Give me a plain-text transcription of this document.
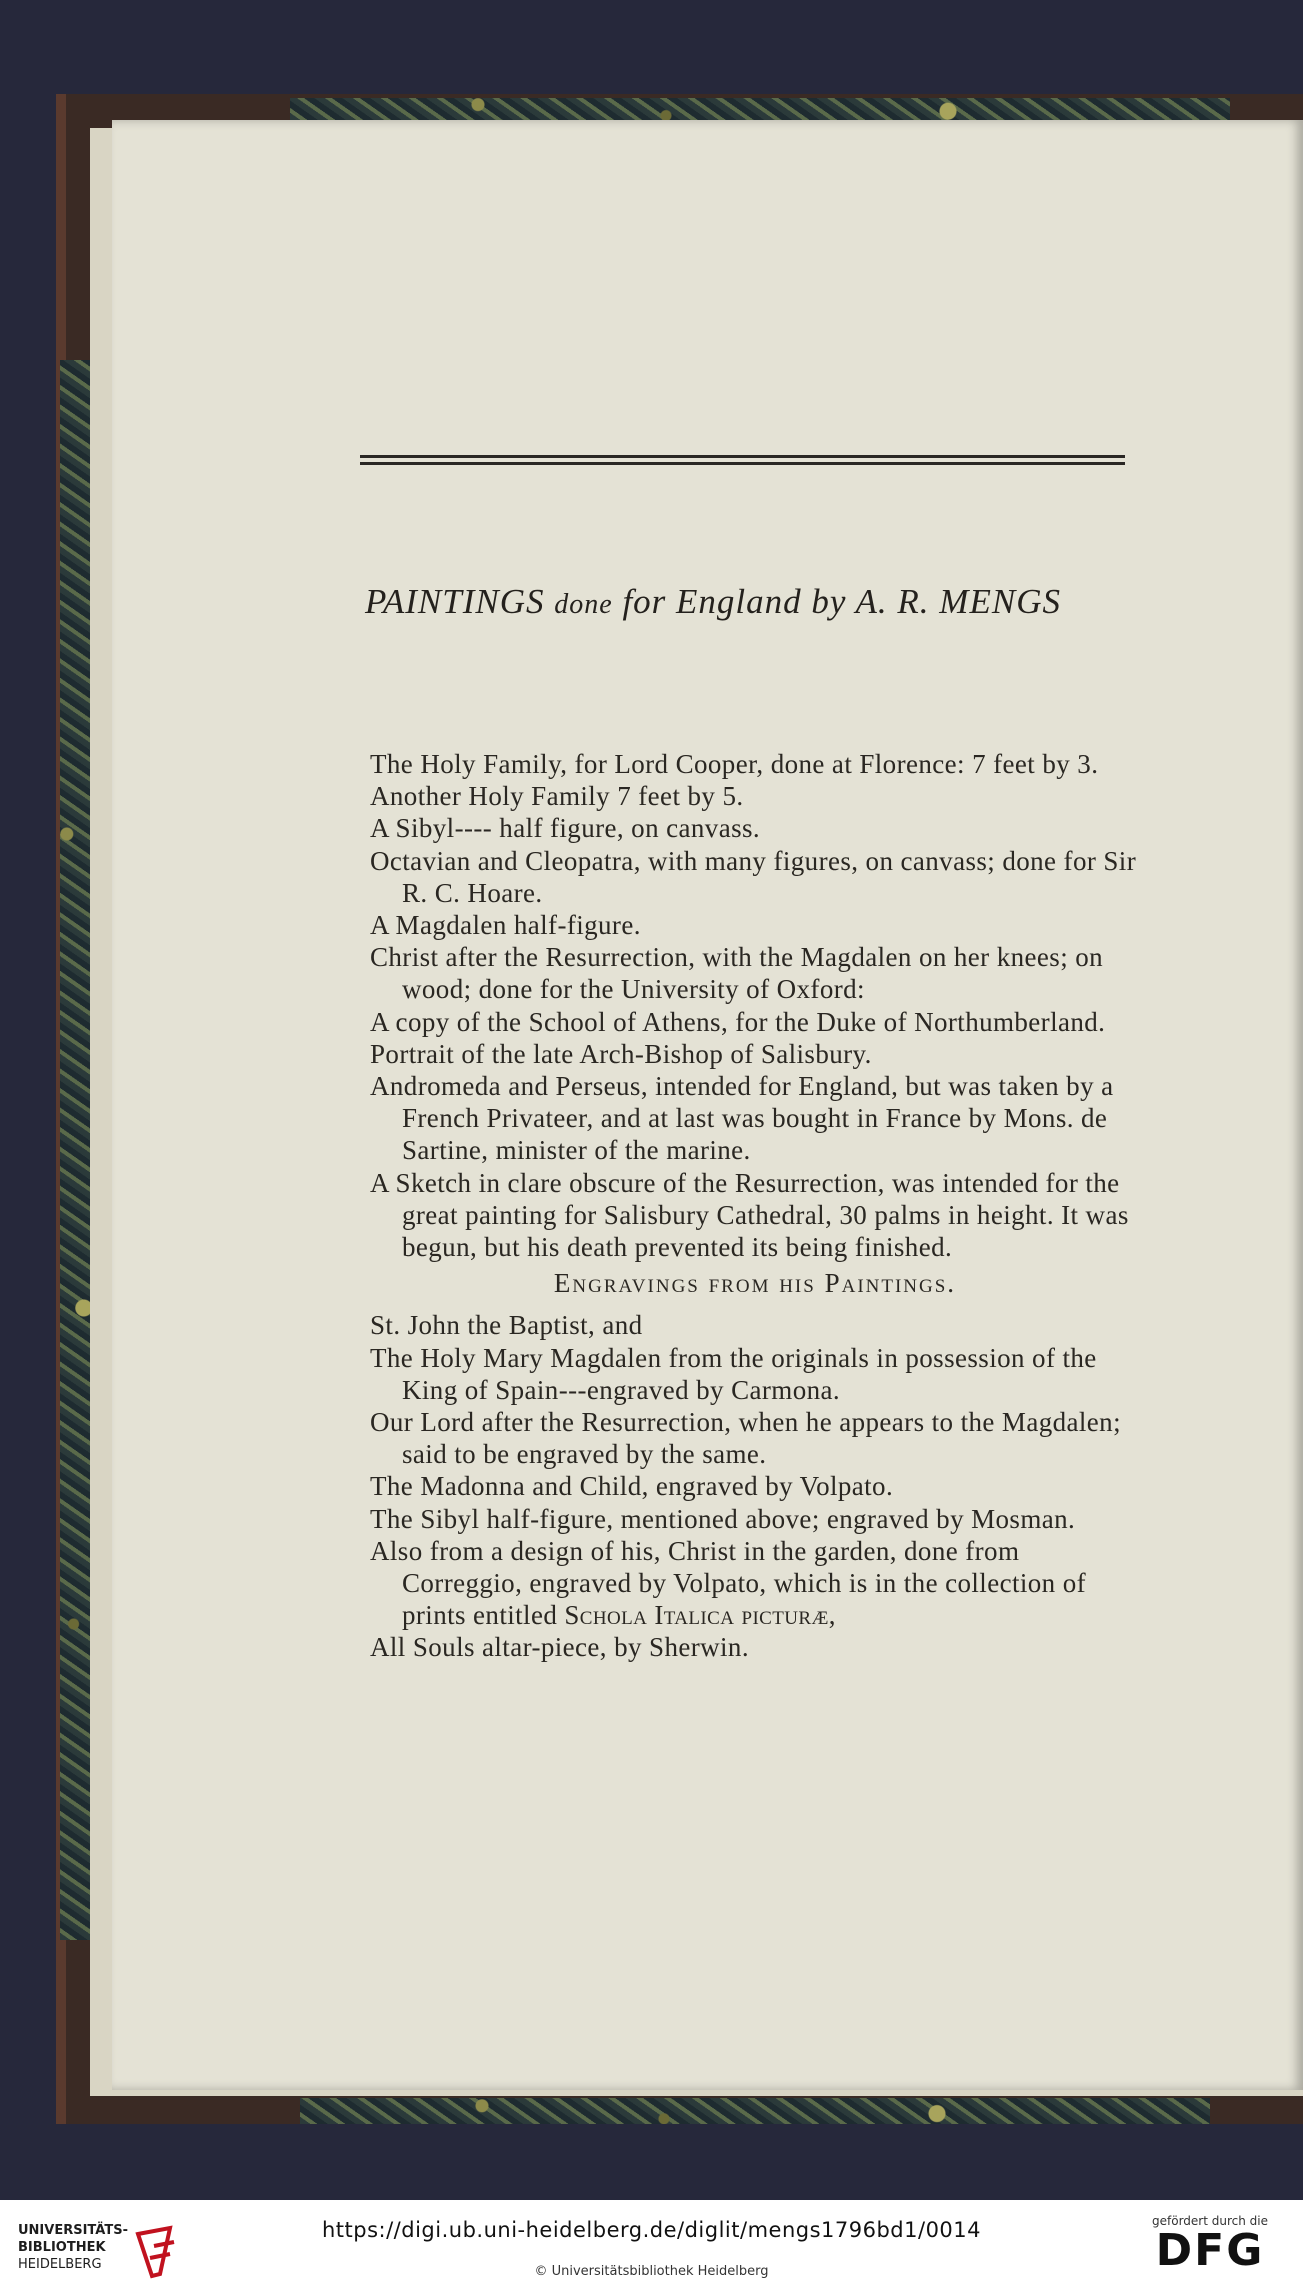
PAINTINGS done for England by A. R. MENGS

The Holy Family, for Lord Cooper, done at Florence: 7 feet by 3.

Another Holy Family 7 feet by 5.

A Sibyl---- half figure, on canvass.

Octavian and Cleopatra, with many figures, on canvass; done for Sir R. C. Hoare.

A Magdalen half-figure.

Christ after the Resurrection, with the Magdalen on her knees; on wood; done for the University of Oxford:

A copy of the School of Athens, for the Duke of Northumberland.

Portrait of the late Arch-Bishop of Salisbury.

Andromeda and Perseus, intended for England, but was taken by a French Privateer, and at last was bought in France by Mons. de Sartine, minister of the marine.

A Sketch in clare obscure of the Resurrection, was intended for the great painting for Salisbury Cathedral, 30 palms in height. It was begun, but his death prevented its being finished.

Engravings from his Paintings.

St. John the Baptist, and

The Holy Mary Magdalen from the originals in possession of the King of Spain---engraved by Carmona.

Our Lord after the Resurrection, when he appears to the Magdalen; said to be engraved by the same.

The Madonna and Child, engraved by Volpato.

The Sibyl half-figure, mentioned above; engraved by Mosman.

Also from a design of his, Christ in the garden, done from Correggio, engraved by Volpato, which is in the collection of prints entitled Schola Italica picturæ,

All Souls altar-piece, by Sherwin.

UNIVERSITÄTS-
BIBLIOTHEK
HEIDELBERG
https://digi.ub.uni-heidelberg.de/diglit/mengs1796bd1/0014
© Universitätsbibliothek Heidelberg
gefördert durch die
DFG
